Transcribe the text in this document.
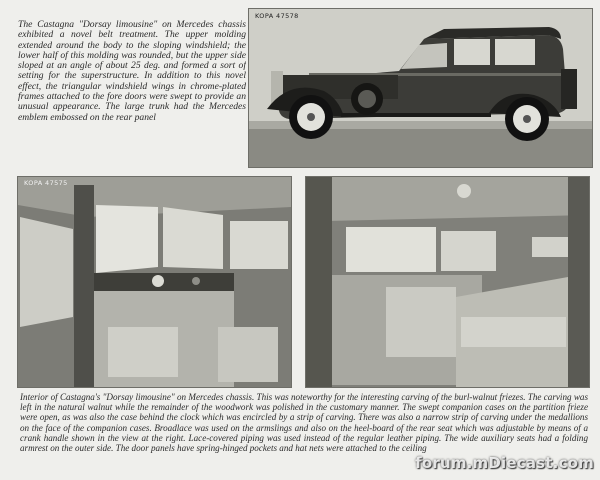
The Castagna "Dorsay limousine" on Mercedes chassis exhibited a novel belt treatment. The upper molding extended around the body to the sloping windshield; the lower half of this molding was rounded, but the upper side sloped at an angle of about 25 deg. and formed a sort of setting for the superstructure. In addition to this novel effect, the triangular windshield wings in chrome-plated frames attached to the fore doors were swept to provide an unusual appearance. The large trunk had the Mercedes emblem embossed on the rear panel

KOPA 47578
KOPA 47575

Interior of Castagna's "Dorsay limousine" on Mercedes chassis. This was noteworthy for the interesting carving of the burl-walnut friezes. The carving was left in the natural walnut while the remainder of the woodwork was polished in the customary manner. The swept companion cases on the partition frieze were open, as was also the case behind the clock which was encircled by a strip of carving. There was also a narrow strip of carving under the medallions on the face of the companion cases. Broadlace was used on the armslings and also on the heel-board of the rear seat which was adjustable by means of a crank handle shown in the view at the right. Lace-covered piping was used instead of the regular leather piping. The wide auxiliary seats had a folding armrest on the outer side. The door panels have spring-hinged pockets and hat nets were attached to the ceiling

forum.mDiecast.com
